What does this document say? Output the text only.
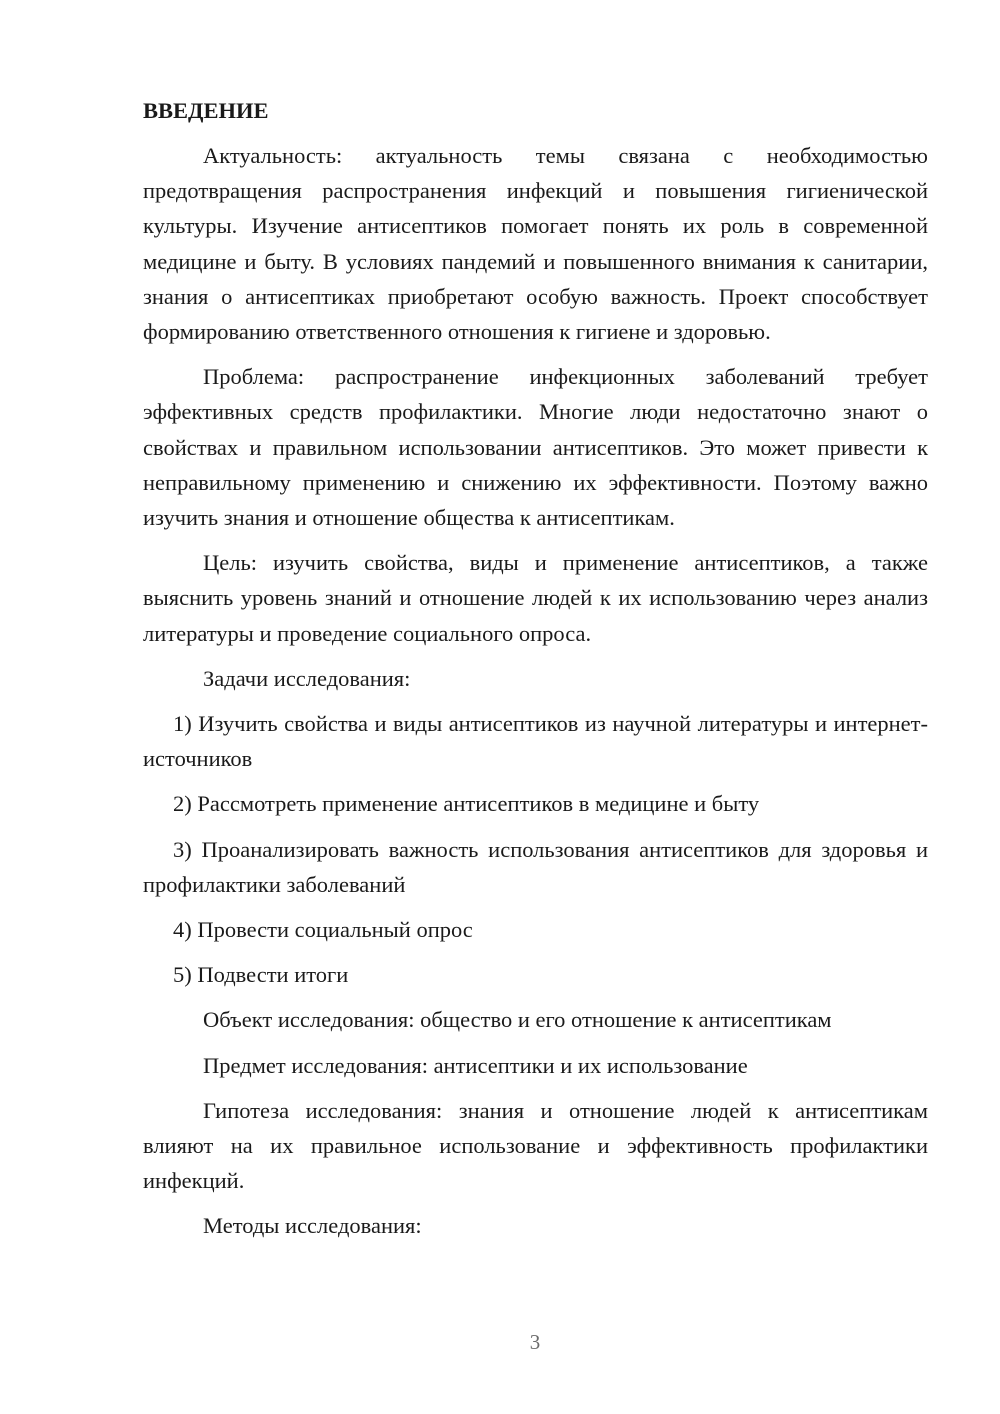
ВВЕДЕНИЕ

Актуальность: актуальность темы связана с необходимостью предотвращения распространения инфекций и повышения гигиенической культуры. Изучение антисептиков помогает понять их роль в современной медицине и быту. В условиях пандемий и повышенного внимания к санитарии, знания о антисептиках приобретают особую важность. Проект способствует формированию ответственного отношения к гигиене и здоровью.

Проблема: распространение инфекционных заболеваний требует эффективных средств профилактики. Многие люди недостаточно знают о свойствах и правильном использовании антисептиков. Это может привести к неправильному применению и снижению их эффективности. Поэтому важно изучить знания и отношение общества к антисептикам.

Цель: изучить свойства, виды и применение антисептиков, а также выяснить уровень знаний и отношение людей к их использованию через анализ литературы и проведение социального опроса.

Задачи исследования:

1) Изучить свойства и виды антисептиков из научной литературы и интернет-источников

2) Рассмотреть применение антисептиков в медицине и быту

3) Проанализировать важность использования антисептиков для здоровья и профилактики заболеваний

4) Провести социальный опрос

5) Подвести итоги

Объект исследования: общество и его отношение к антисептикам

Предмет исследования: антисептики и их использование

Гипотеза исследования: знания и отношение людей к антисептикам влияют на их правильное использование и эффективность профилактики инфекций.

Методы исследования:

3
